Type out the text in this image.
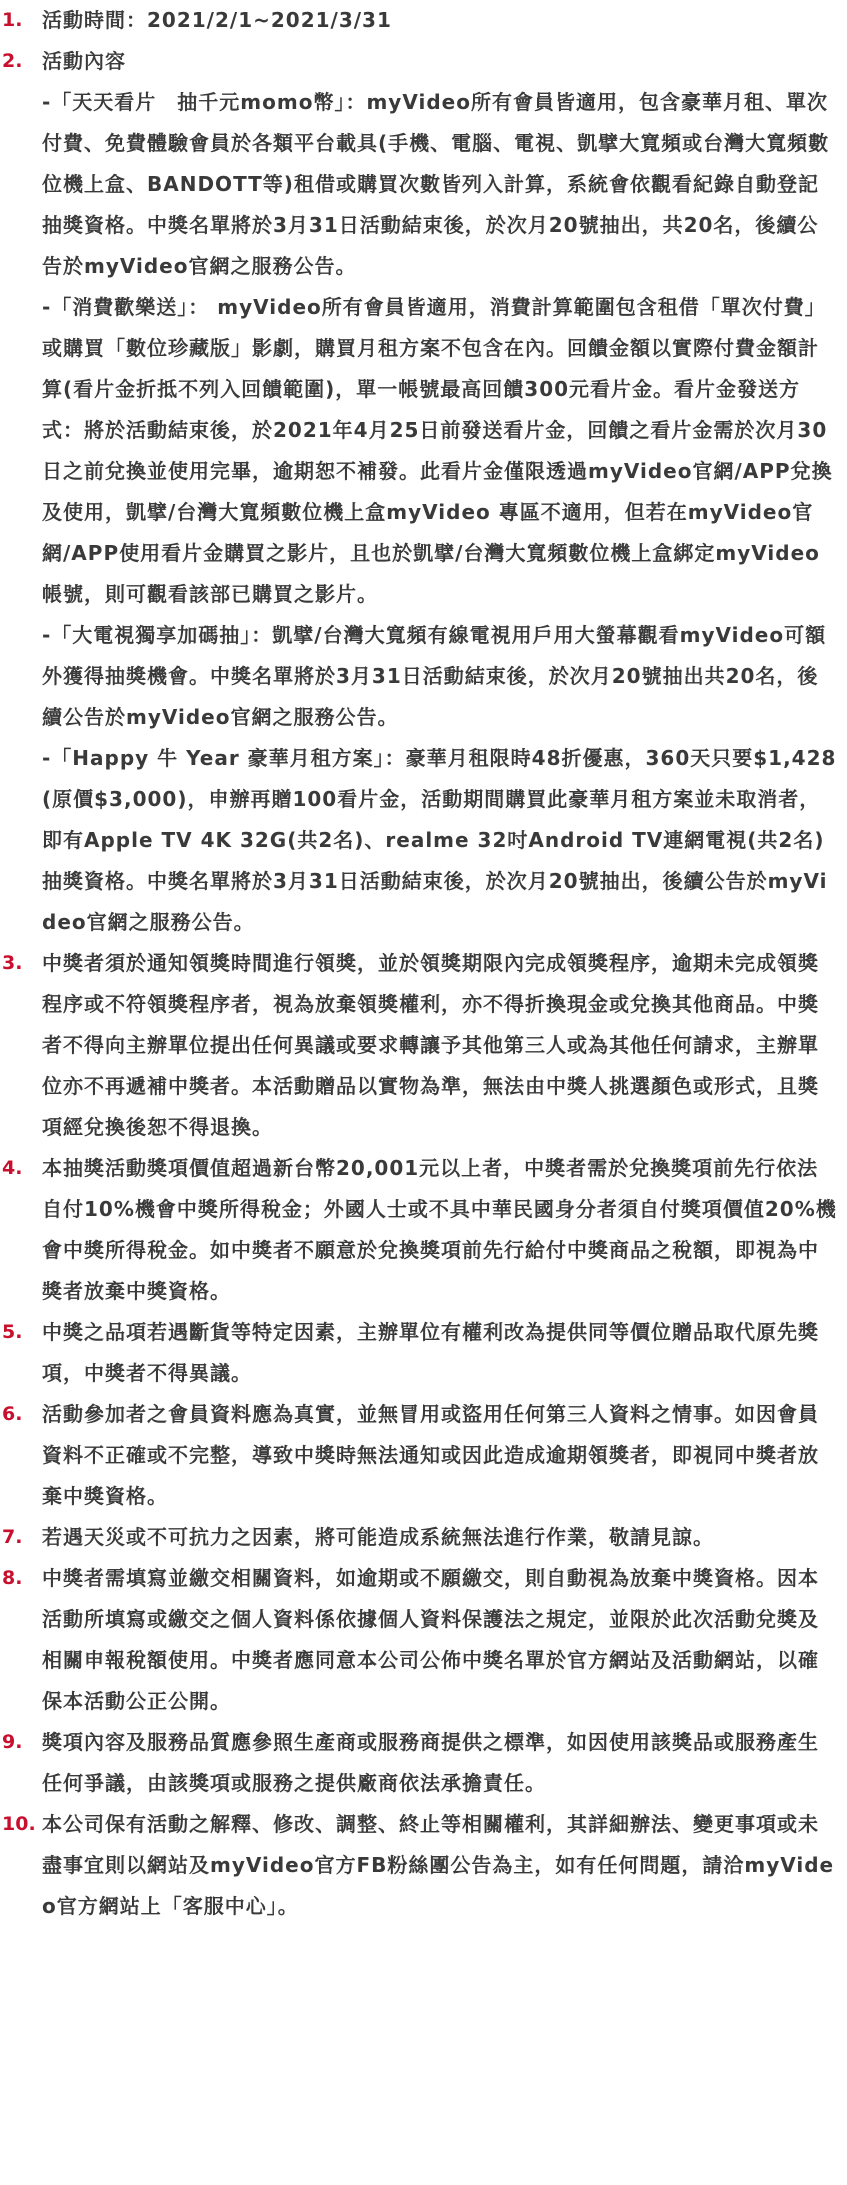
1. 活動時間：2021/2/1~2021/3/31
2. 活動內容
-「天天看片　抽千元momo幣」：myVideo所有會員皆適用，包含豪華月租、單次付費、免費體驗會員於各類平台載具(手機、電腦、電視、凱擘大寬頻或台灣大寬頻數位機上盒、BANDOTT等)租借或購買次數皆列入計算，系統會依觀看紀錄自動登記抽獎資格。中獎名單將於3月31日活動結束後，於次月20號抽出，共20名，後續公告於myVideo官網之服務公告。
-「消費歡樂送」： myVideo所有會員皆適用，消費計算範圍包含租借「單次付費」或購買「數位珍藏版」影劇，購買月租方案不包含在內。回饋金額以實際付費金額計算(看片金折抵不列入回饋範圍)，單一帳號最高回饋300元看片金。看片金發送方式：將於活動結束後，於2021年4月25日前發送看片金，回饋之看片金需於次月30日之前兌換並使用完畢，逾期恕不補發。此看片金僅限透過myVideo官網/APP兌換及使用，凱擘/台灣大寬頻數位機上盒myVideo 專區不適用，但若在myVideo官網/APP使用看片金購買之影片，且也於凱擘/台灣大寬頻數位機上盒綁定myVideo帳號，則可觀看該部已購買之影片。
-「大電視獨享加碼抽」：凱擘/台灣大寬頻有線電視用戶用大螢幕觀看myVideo可額外獲得抽獎機會。中獎名單將於3月31日活動結束後，於次月20號抽出共20名，後續公告於myVideo官網之服務公告。
-「Happy 牛 Year 豪華月租方案」：豪華月租限時48折優惠，360天只要$1,428(原價$3,000)，申辦再贈100看片金，活動期間購買此豪華月租方案並未取消者，即有Apple TV 4K 32G(共2名)、realme 32吋Android TV連網電視(共2名)抽獎資格。中獎名單將於3月31日活動結束後，於次月20號抽出，後續公告於myVideo官網之服務公告。
3. 中獎者須於通知領獎時間進行領獎，並於領獎期限內完成領獎程序，逾期未完成領獎程序或不符領獎程序者，視為放棄領獎權利，亦不得折換現金或兌換其他商品。中獎者不得向主辦單位提出任何異議或要求轉讓予其他第三人或為其他任何請求，主辦單位亦不再遞補中獎者。本活動贈品以實物為準，無法由中獎人挑選顏色或形式，且獎項經兌換後恕不得退換。
4. 本抽獎活動獎項價值超過新台幣20,001元以上者，中獎者需於兌換獎項前先行依法自付10%機會中獎所得稅金；外國人士或不具中華民國身分者須自付獎項價值20%機會中獎所得稅金。如中獎者不願意於兌換獎項前先行給付中獎商品之稅額，即視為中獎者放棄中獎資格。
5. 中獎之品項若遇斷貨等特定因素，主辦單位有權利改為提供同等價位贈品取代原先獎項，中獎者不得異議。
6. 活動參加者之會員資料應為真實，並無冒用或盜用任何第三人資料之情事。如因會員資料不正確或不完整，導致中獎時無法通知或因此造成逾期領獎者，即視同中獎者放棄中獎資格。
7. 若遇天災或不可抗力之因素，將可能造成系統無法進行作業，敬請見諒。
8. 中獎者需填寫並繳交相關資料，如逾期或不願繳交，則自動視為放棄中獎資格。因本活動所填寫或繳交之個人資料係依據個人資料保護法之規定，並限於此次活動兌獎及相關申報稅額使用。中獎者應同意本公司公佈中獎名單於官方網站及活動網站，以確保本活動公正公開。
9. 獎項內容及服務品質應參照生產商或服務商提供之標準，如因使用該獎品或服務產生任何爭議，由該獎項或服務之提供廠商依法承擔責任。
10. 本公司保有活動之解釋、修改、調整、終止等相關權利，其詳細辦法、變更事項或未盡事宜則以網站及myVideo官方FB粉絲團公告為主，如有任何問題，請洽myVideo官方網站上「客服中心」。
